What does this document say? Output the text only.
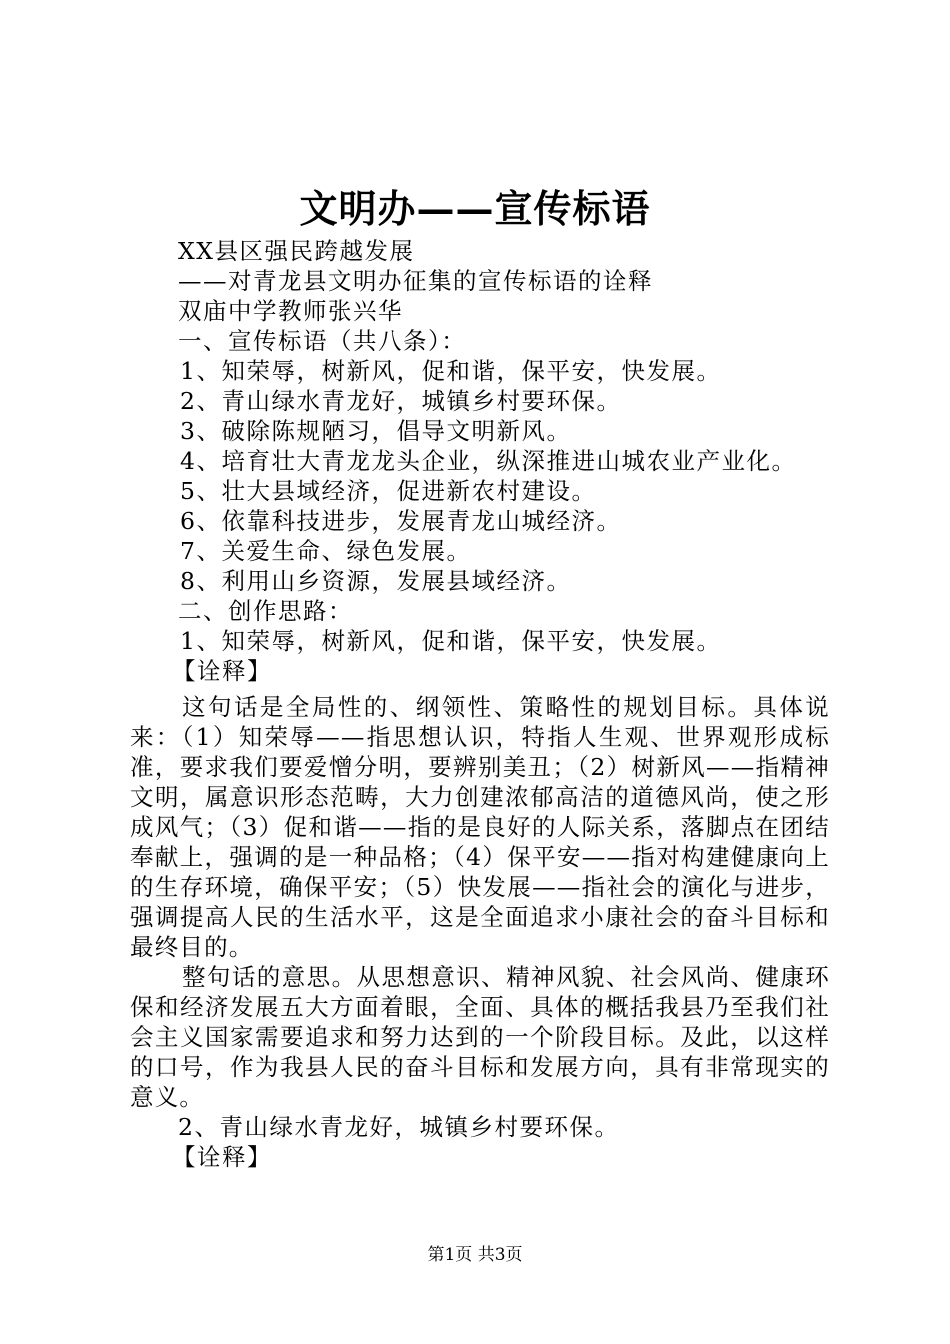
文明办——宣传标语
XX县区强民跨越发展
——对青龙县文明办征集的宣传标语的诠释
双庙中学教师张兴华
一、宣传标语（共八条）：
1、知荣辱，树新风，促和谐，保平安，快发展。
2、青山绿水青龙好，城镇乡村要环保。
3、破除陈规陋习，倡导文明新风。
4、培育壮大青龙龙头企业，纵深推进山城农业产业化。
5、壮大县域经济，促进新农村建设。
6、依靠科技进步，发展青龙山城经济。
7、关爱生命、绿色发展。
8、利用山乡资源，发展县域经济。
二、创作思路：
1、知荣辱，树新风，促和谐，保平安，快发展。
【诠释】
这句话是全局性的、纲领性、策略性的规划目标。具体说来：（1）知荣辱——指思想认识，特指人生观、世界观形成标准，要求我们要爱憎分明，要辨别美丑；（2）树新风——指精神文明，属意识形态范畴，大力创建浓郁高洁的道德风尚，使之形成风气；（3）促和谐——指的是良好的人际关系，落脚点在团结奉献上，强调的是一种品格；（4）保平安——指对构建健康向上的生存环境，确保平安；（5）快发展——指社会的演化与进步，强调提高人民的生活水平，这是全面追求小康社会的奋斗目标和最终目的。
整句话的意思。从思想意识、精神风貌、社会风尚、健康环保和经济发展五大方面着眼，全面、具体的概括我县乃至我们社会主义国家需要追求和努力达到的一个阶段目标。及此，以这样的口号，作为我县人民的奋斗目标和发展方向，具有非常现实的意义。
2、青山绿水青龙好，城镇乡村要环保。
【诠释】
第1页 共3页
